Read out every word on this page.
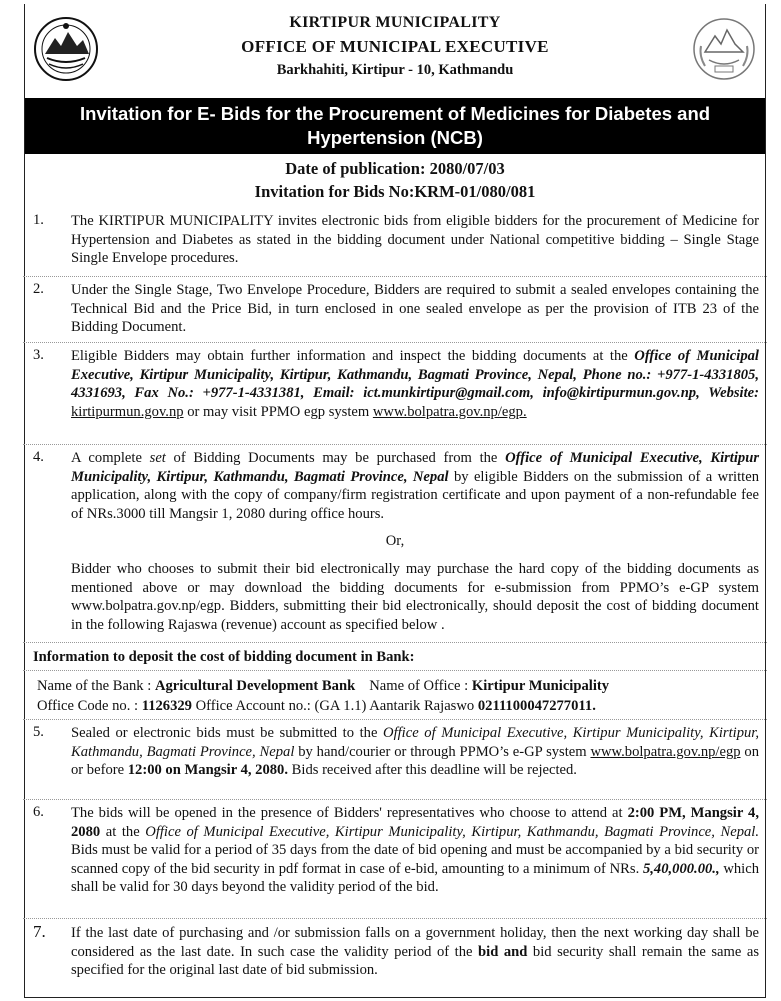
KIRTIPUR MUNICIPALITY
OFFICE OF MUNICIPAL EXECUTIVE
Barkhahiti, Kirtipur - 10, Kathmandu
Invitation for E- Bids for the Procurement of Medicines for Diabetes and
Hypertension (NCB)
Date of publication: 2080/07/03
Invitation for Bids No:KRM-01/080/081
1. The KIRTIPUR MUNICIPALITY invites electronic bids from eligible bidders for the procurement of Medicine for Hypertension and Diabetes as stated in the bidding document under National competitive bidding – Single Stage Single Envelope procedures.
2. Under the Single Stage, Two Envelope Procedure, Bidders are required to submit a sealed envelopes containing the Technical Bid and the Price Bid, in turn enclosed in one sealed envelope as per the provision of ITB 23 of the Bidding Document.
3. Eligible Bidders may obtain further information and inspect the bidding documents at the Office of Municipal Executive, Kirtipur Municipality, Kirtipur, Kathmandu, Bagmati Province, Nepal, Phone no.: +977-1-4331805, 4331693, Fax No.: +977-1-4331381, Email: ict.munkirtipur@gmail.com, info@kirtipurmun.gov.np, Website: kirtipurmun.gov.np or may visit PPMO egp system www.bolpatra.gov.np/egp.
4. A complete set of Bidding Documents may be purchased from the Office of Municipal Executive, Kirtipur Municipality, Kirtipur, Kathmandu, Bagmati Province, Nepal by eligible Bidders on the submission of a written application, along with the copy of company/firm registration certificate and upon payment of a non-refundable fee of NRs.3000 till Mangsir 1, 2080 during office hours.
Or,
Bidder who chooses to submit their bid electronically may purchase the hard copy of the bidding documents as mentioned above or may download the bidding documents for e-submission from PPMO’s e-GP system www.bolpatra.gov.np/egp. Bidders, submitting their bid electronically, should deposit the cost of bidding document in the following Rajaswa (revenue) account as specified below .
Information to deposit the cost of bidding document in Bank:
Name of the Bank : Agricultural Development Bank Name of Office : Kirtipur Municipality
Office Code no. : 1126329 Office Account no.: (GA 1.1) Aantarik Rajaswo 0211100047277011.
5. Sealed or electronic bids must be submitted to the Office of Municipal Executive, Kirtipur Municipality, Kirtipur, Kathmandu, Bagmati Province, Nepal by hand/courier or through PPMO’s e-GP system www.bolpatra.gov.np/egp on or before 12:00 on Mangsir 4, 2080. Bids received after this deadline will be rejected.
6. The bids will be opened in the presence of Bidders' representatives who choose to attend at 2:00 PM, Mangsir 4, 2080 at the Office of Municipal Executive, Kirtipur Municipality, Kirtipur, Kathmandu, Bagmati Province, Nepal. Bids must be valid for a period of 35 days from the date of bid opening and must be accompanied by a bid security or scanned copy of the bid security in pdf format in case of e-bid, amounting to a minimum of NRs. 5,40,000.00., which shall be valid for 30 days beyond the validity period of the bid.
7. If the last date of purchasing and /or submission falls on a government holiday, then the next working day shall be considered as the last date. In such case the validity period of the bid and bid security shall remain the same as specified for the original last date of bid submission.
